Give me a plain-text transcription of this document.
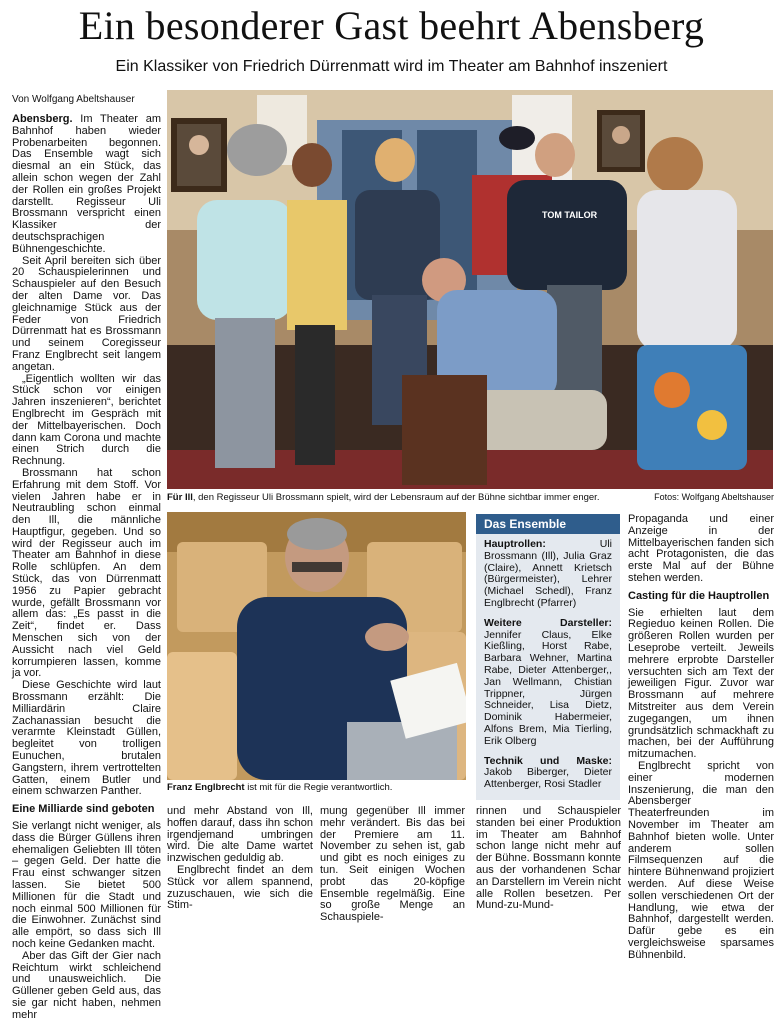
Ein besonderer Gast beehrt Abensberg
Ein Klassiker von Friedrich Dürrenmatt wird im Theater am Bahnhof inszeniert
Von Wolfgang Abeltshauser

Abensberg. Im Theater am Bahnhof haben wieder Probenarbeiten begonnen. Das Ensemble wagt sich diesmal an ein Stück, das allein schon wegen der Zahl der Rollen ein großes Projekt darstellt. Regisseur Uli Brossmann verspricht einen Klassiker der deutschsprachigen Bühnengeschichte.

Seit April bereiten sich über 20 Schauspielerinnen und Schauspieler auf den Besuch der alten Dame vor. Das gleichnamige Stück aus der Feder von Friedrich Dürrenmatt hat es Brossmann und seinem Coregisseur Franz Englbrecht seit langem angetan.

„Eigentlich wollten wir das Stück schon vor einigen Jahren inszenieren“, berichtet Englbrecht im Gespräch mit der Mittelbayerischen. Doch dann kam Corona und machte einen Strich durch die Rechnung.

Brossmann hat schon Erfahrung mit dem Stoff. Vor vielen Jahren habe er in Neutraubling schon einmal den Ill, die männliche Hauptfigur, gegeben. Und so wird der Regisseur auch im Theater am Bahnhof in diese Rolle schlüpfen. An dem Stück, das von Dürrenmatt 1956 zu Papier gebracht wurde, gefällt Brossmann vor allem das: „Es passt in die Zeit“, findet er. Dass Menschen sich von der Aussicht nach viel Geld korrumpieren lassen, komme ja vor.

Diese Geschichte wird laut Brossmann erzählt: Die Milliardärin Claire Zachanassian besucht die verarmte Kleinstadt Güllen, begleitet von trolligen Eunuchen, brutalen Gangstern, ihrem vertrottelten Gatten, einem Butler und einem schwarzen Panther.

Eine Milliarde sind geboten

Sie verlangt nicht weniger, als dass die Bürger Güllens ihren ehemaligen Geliebten Ill töten – gegen Geld. Der hatte die Frau einst schwanger sitzen lassen. Sie bietet 500 Millionen für die Stadt und noch einmal 500 Millionen für die Einwohner. Zunächst sind alle empört, so dass sich Ill noch keine Gedanken macht.

Aber das Gift der Gier nach Reichtum wirkt schleichend und unausweichlich. Die Güllener geben Geld aus, das sie gar nicht haben, nehmen mehr

TOM TAILOR
Für Ill, den Regisseur Uli Brossmann spielt, wird der Lebensraum auf der Bühne sichtbar immer enger.	Fotos: Wolfgang Abeltshauser
Franz Englbrecht ist mit für die Regie verantwortlich.

und mehr Abstand von Ill, hoffen darauf, dass ihn schon irgendjemand umbringen wird. Die alte Dame wartet inzwischen geduldig ab.

Englbrecht findet an dem Stück vor allem spannend, zuzuschauen, wie sich die Stim-

mung gegenüber Ill immer mehr verändert. Bis das bei der Premiere am 11. November zu sehen ist, gab und gibt es noch einiges zu tun. Seit einigen Wochen probt das 20-köpfige Ensemble regelmäßig. Eine so große Menge an Schauspiele-

Das Ensemble

Hauptrollen: Uli Brossmann (Ill), Julia Graz (Claire), Annett Krietsch (Bürgermeister), Lehrer (Michael Schedl), Franz Englbrecht (Pfarrer)

Weitere Darsteller: Jennifer Claus, Elke Kießling, Horst Rabe, Barbara Wehner, Martina Rabe, Dieter Attenberger,, Jan Wellmann, Chistian Trippner, Jürgen Schneider, Lisa Dietz, Dominik Habermeier, Alfons Brem, Mia Tierling, Erik Olberg

Technik und Maske: Jakob Biberger, Dieter Attenberger, Rosi Stadler

rinnen und Schauspieler standen bei einer Produktion im Theater am Bahnhof schon lange nicht mehr auf der Bühne. Bossmann konnte aus der vorhandenen Schar an Darstellern im Verein nicht alle Rollen besetzen. Per Mund-zu-Mund-

Propaganda und einer Anzeige in der Mittelbayerischen fanden sich acht Protagonisten, die das erste Mal auf der Bühne stehen werden.

Casting für die Hauptrollen

Sie erhielten laut dem Regieduo keinen Rollen. Die größeren Rollen wurden per Leseprobe verteilt. Jeweils mehrere erprobte Darsteller versuchten sich am Text der jeweiligen Figur. Zuvor war Brossmann auf mehrere Mitstreiter aus dem Verein zugegangen, um ihnen grundsätzlich schmackhaft zu machen, bei der Aufführung mitzumachen.

Englbrecht spricht von einer modernen Inszenierung, die man den Abensberger Theaterfreunden im November im Theater am Bahnhof bieten wolle. Unter anderem sollen Filmsequenzen auf die hintere Bühnenwand projiziert werden. Auf diese Weise sollen verschiedenen Ort der Handlung, wie etwa der Bahnhof, dargestellt werden. Dafür gebe es ein vergleichsweise sparsames Bühnenbild.
